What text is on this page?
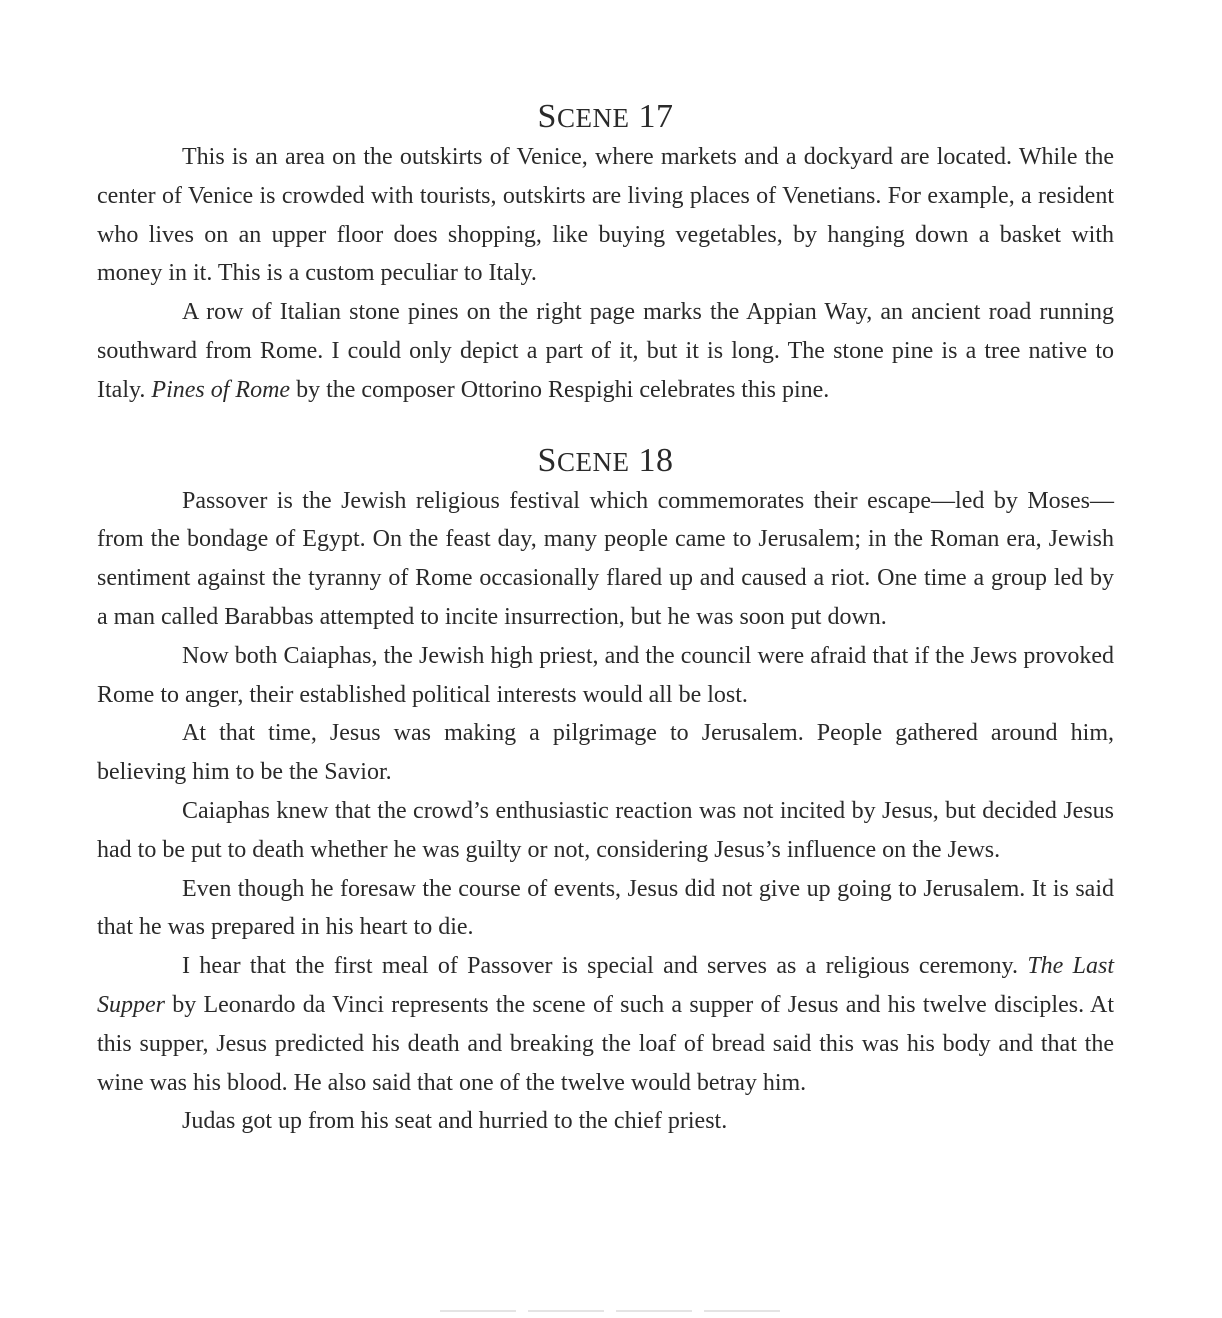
SCENE 17

This is an area on the outskirts of Venice, where markets and a dockyard are located. While the center of Venice is crowded with tourists, outskirts are living places of Venetians. For example, a resident who lives on an upper floor does shopping, like buying vegetables, by hanging down a basket with money in it. This is a custom peculiar to Italy.

A row of Italian stone pines on the right page marks the Appian Way, an ancient road running southward from Rome. I could only depict a part of it, but it is long. The stone pine is a tree native to Italy. Pines of Rome by the composer Ottorino Respighi celebrates this pine.

SCENE 18

Passover is the Jewish religious festival which commemorates their escape—led by Moses—from the bondage of Egypt. On the feast day, many people came to Jerusalem; in the Roman era, Jewish sentiment against the tyranny of Rome occasionally flared up and caused a riot. One time a group led by a man called Barabbas attempted to incite insurrection, but he was soon put down.

Now both Caiaphas, the Jewish high priest, and the council were afraid that if the Jews provoked Rome to anger, their established political interests would all be lost.

At that time, Jesus was making a pilgrimage to Jerusalem. People gathered around him, believing him to be the Savior.

Caiaphas knew that the crowd’s enthusiastic reaction was not incited by Jesus, but decided Jesus had to be put to death whether he was guilty or not, considering Jesus’s influence on the Jews.

Even though he foresaw the course of events, Jesus did not give up going to Jerusalem. It is said that he was prepared in his heart to die.

I hear that the first meal of Passover is special and serves as a religious ceremony. The Last Supper by Leonardo da Vinci represents the scene of such a supper of Jesus and his twelve disciples. At this supper, Jesus predicted his death and breaking the loaf of bread said this was his body and that the wine was his blood. He also said that one of the twelve would betray him.

Judas got up from his seat and hurried to the chief priest.
